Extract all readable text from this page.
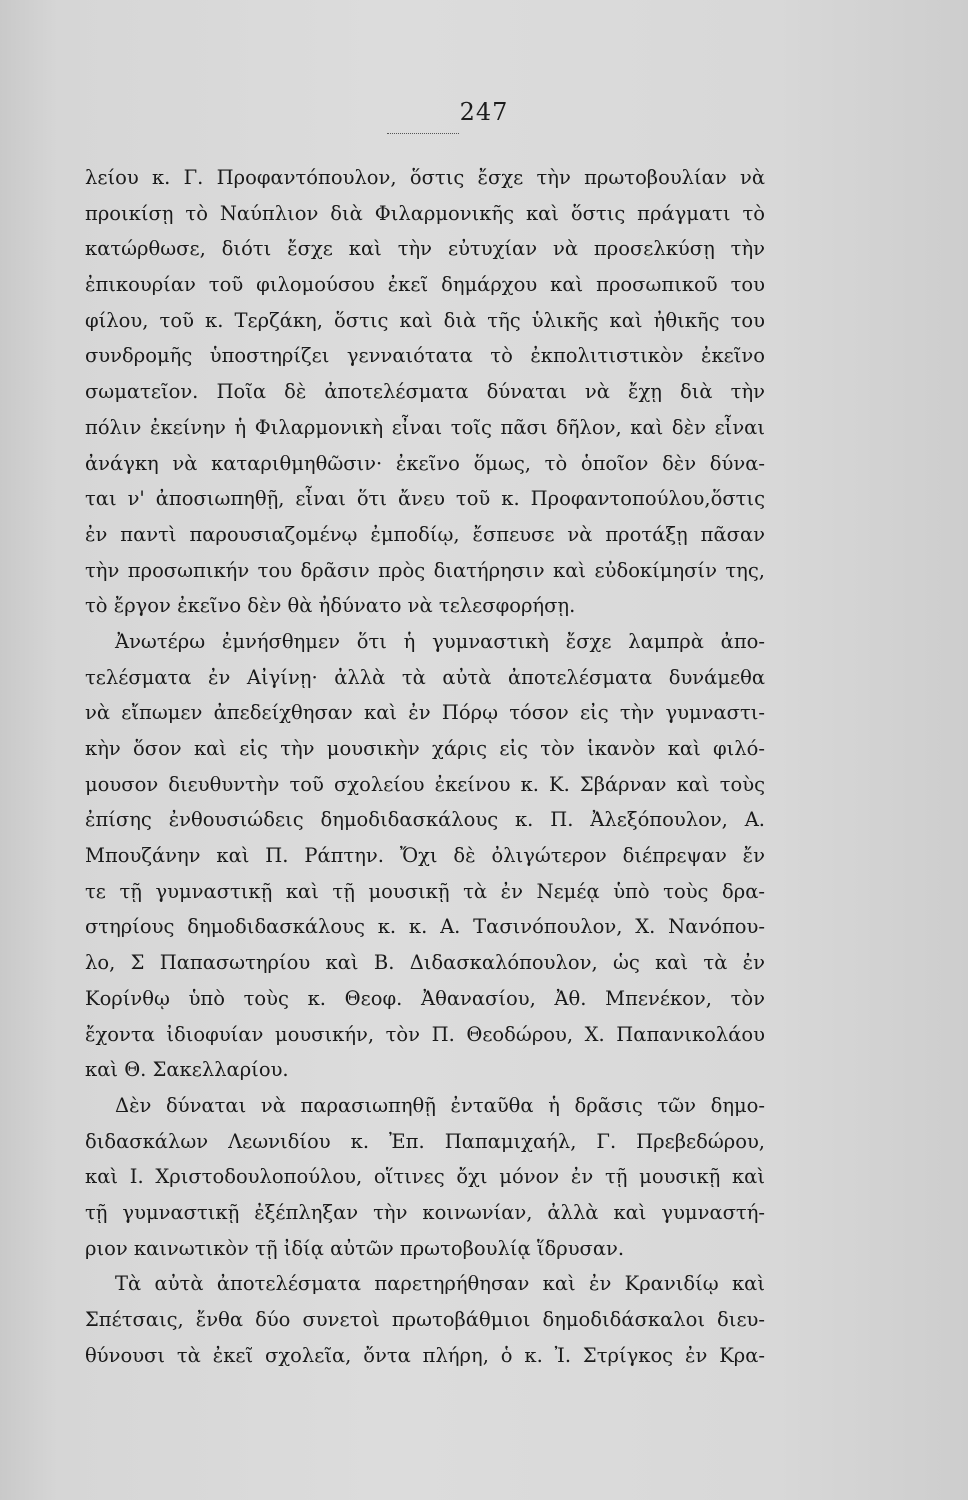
247
λείου κ. Γ. Προφαντόπουλον, ὅστις ἔσχε τὴν πρωτοβουλίαν νὰ
προικίσῃ τὸ Ναύπλιον διὰ Φιλαρμονικῆς καὶ ὅστις πράγματι τὸ
κατώρθωσε, διότι ἔσχε καὶ τὴν εὐτυχίαν νὰ προσελκύσῃ τὴν
ἐπικουρίαν τοῦ φιλομούσου ἐκεῖ δημάρχου καὶ προσωπικοῦ του
φίλου, τοῦ κ. Τερζάκη, ὅστις καὶ διὰ τῆς ὑλικῆς καὶ ἠθικῆς του
συνδρομῆς ὑποστηρίζει γενναιότατα τὸ ἐκπολιτιστικὸν ἐκεῖνο
σωματεῖον. Ποῖα δὲ ἀποτελέσματα δύναται νὰ ἔχῃ διὰ τὴν
πόλιν ἐκείνην ἡ Φιλαρμονικὴ εἶναι τοῖς πᾶσι δῆλον, καὶ δὲν εἶναι
ἀνάγκη νὰ καταριθμηθῶσιν· ἐκεῖνο ὅμως, τὸ ὁποῖον δὲν δύνα-
ται ν' ἀποσιωπηθῇ, εἶναι ὅτι ἄνευ τοῦ κ. Προφαντοπούλου,ὅστις
ἐν παντὶ παρουσιαζομένῳ ἐμποδίῳ, ἔσπευσε νὰ προτάξῃ πᾶσαν
τὴν προσωπικήν του δρᾶσιν πρὸς διατήρησιν καὶ εὐδοκίμησίν της,
τὸ ἔργον ἐκεῖνο δὲν θὰ ἠδύνατο νὰ τελεσφορήσῃ.
Ἀνωτέρω ἐμνήσθημεν ὅτι ἡ γυμναστικὴ ἔσχε λαμπρὰ ἀπο-
τελέσματα ἐν Αἰγίνῃ· ἀλλὰ τὰ αὐτὰ ἀποτελέσματα δυνάμεθα
νὰ εἴπωμεν ἀπεδείχθησαν καὶ ἐν Πόρῳ τόσον εἰς τὴν γυμναστι-
κὴν ὅσον καὶ εἰς τὴν μουσικὴν χάρις εἰς τὸν ἱκανὸν καὶ φιλό-
μουσον διευθυντὴν τοῦ σχολείου ἐκείνου κ. Κ. Σβάρναν καὶ τοὺς
ἐπίσης ἐνθουσιώδεις δημοδιδασκάλους κ. Π. Ἀλεξόπουλον, Α.
Μπουζάνην καὶ Π. Ράπτην. Ὄχι δὲ ὀλιγώτερον διέπρεψαν ἔν
τε τῇ γυμναστικῇ καὶ τῇ μουσικῇ τὰ ἐν Νεμέᾳ ὑπὸ τοὺς δρα-
στηρίους δημοδιδασκάλους κ. κ. Α. Τασινόπουλον, Χ. Νανόπου-
λο, Σ Παπασωτηρίου καὶ Β. Διδασκαλόπουλον, ὡς καὶ τὰ ἐν
Κορίνθῳ ὑπὸ τοὺς κ. Θεοφ. Ἀθανασίου, Ἀθ. Μπενέκον, τὸν
ἔχοντα ἰδιοφυίαν μουσικήν, τὸν Π. Θεοδώρου, Χ. Παπανικολάου
καὶ Θ. Σακελλαρίου.
Δὲν δύναται νὰ παρασιωπηθῇ ἐνταῦθα ἡ δρᾶσις τῶν δημο-
διδασκάλων Λεωνιδίου κ. Ἐπ. Παπαμιχαήλ, Γ. Πρεβεδώρου,
καὶ Ι. Χριστοδουλοπούλου, οἵτινες ὄχι μόνον ἐν τῇ μουσικῇ καὶ
τῇ γυμναστικῇ ἐξέπληξαν τὴν κοινωνίαν, ἀλλὰ καὶ γυμναστή-
ριον καινωτικὸν τῇ ἰδίᾳ αὐτῶν πρωτοβουλίᾳ ἵδρυσαν.
Τὰ αὐτὰ ἀποτελέσματα παρετηρήθησαν καὶ ἐν Κρανιδίῳ καὶ
Σπέτσαις, ἔνθα δύο συνετοὶ πρωτοβάθμιοι δημοδιδάσκαλοι διευ-
θύνουσι τὰ ἐκεῖ σχολεῖα, ὄντα πλήρη, ὁ κ. Ἰ. Στρίγκος ἐν Κρα-
